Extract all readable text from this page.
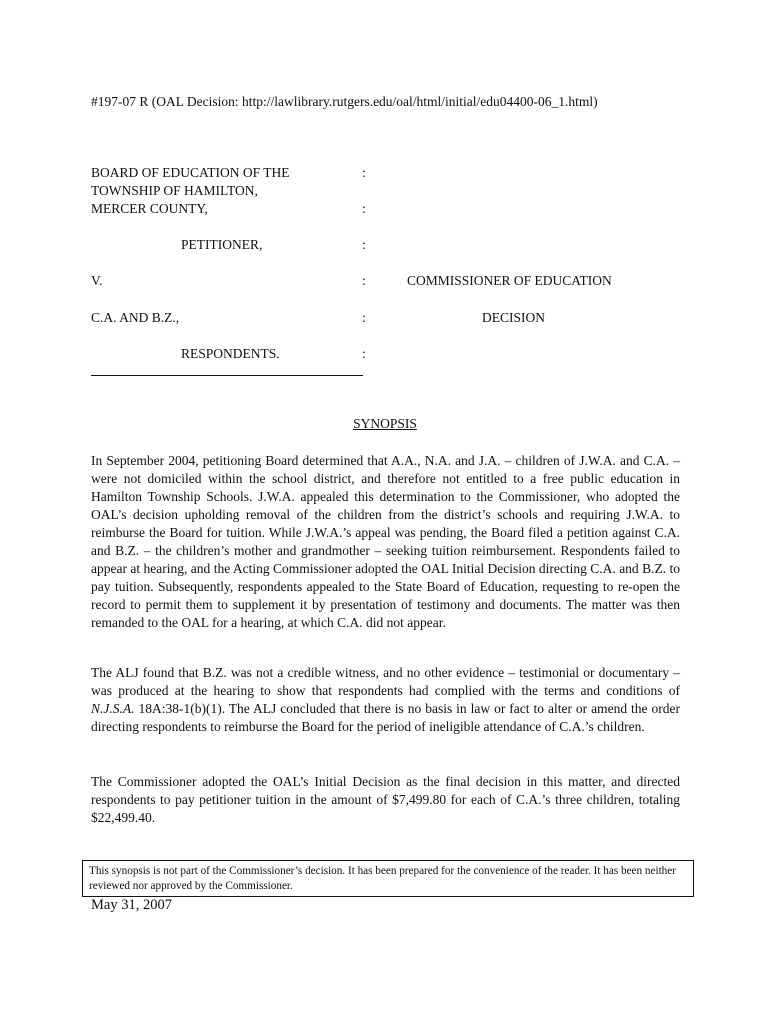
#197-07 R (OAL Decision: http://lawlibrary.rutgers.edu/oal/html/initial/edu04400-06_1.html)
BOARD OF EDUCATION OF THE	:
TOWNSHIP OF HAMILTON,
MERCER COUNTY,	:
PETITIONER,	:
V.	:	COMMISSIONER OF EDUCATION
C.A. AND B.Z.,	:	DECISION
RESPONDENTS.	:
SYNOPSIS

In September 2004, petitioning Board determined that A.A., N.A. and J.A. – children of J.W.A. and C.A. – were not domiciled within the school district, and therefore not entitled to a free public education in Hamilton Township Schools. J.W.A. appealed this determination to the Commissioner, who adopted the OAL’s decision upholding removal of the children from the district’s schools and requiring J.W.A. to reimburse the Board for tuition. While J.W.A.’s appeal was pending, the Board filed a petition against C.A. and B.Z. – the children’s mother and grandmother – seeking tuition reimbursement. Respondents failed to appear at hearing, and the Acting Commissioner adopted the OAL Initial Decision directing C.A. and B.Z. to pay tuition. Subsequently, respondents appealed to the State Board of Education, requesting to re-open the record to permit them to supplement it by presentation of testimony and documents. The matter was then remanded to the OAL for a hearing, at which C.A. did not appear.

The ALJ found that B.Z. was not a credible witness, and no other evidence – testimonial or documentary – was produced at the hearing to show that respondents had complied with the terms and conditions of N.J.S.A. 18A:38-1(b)(1). The ALJ concluded that there is no basis in law or fact to alter or amend the order directing respondents to reimburse the Board for the period of ineligible attendance of C.A.’s children.

The Commissioner adopted the OAL’s Initial Decision as the final decision in this matter, and directed respondents to pay petitioner tuition in the amount of $7,499.80 for each of C.A.’s three children, totaling $22,499.40.

This synopsis is not part of the Commissioner’s decision. It has been prepared for the convenience of the reader. It has been neither reviewed nor approved by the Commissioner.
May 31, 2007
